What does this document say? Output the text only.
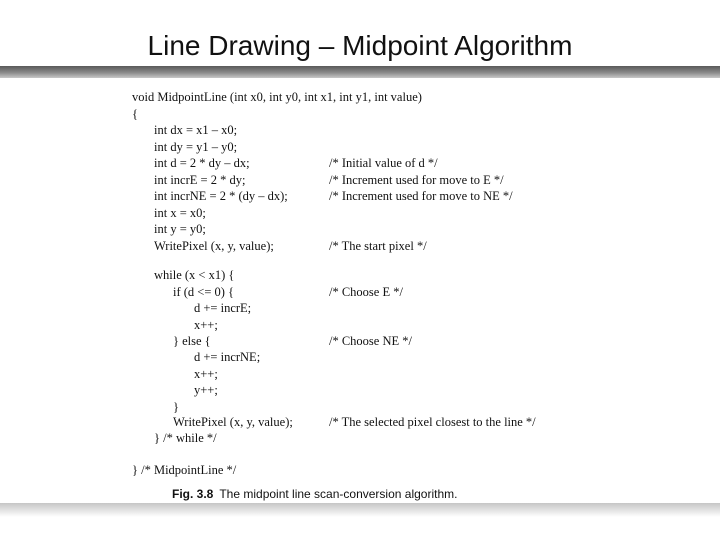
Line Drawing – Midpoint Algorithm
void MidpointLine (int x0, int y0, int x1, int y1, int value)
{
int dx = x1 – x0;
int dy = y1 – y0;
int d = 2 * dy – dx;	/* Initial value of d */
int incrE = 2 * dy;	/* Increment used for move to E */
int incrNE = 2 * (dy – dx);	/* Increment used for move to NE */
int x = x0;
int y = y0;
WritePixel (x, y, value);	/* The start pixel */
while (x < x1) {
if (d <= 0) {	/* Choose E */
d += incrE;
x++;
} else {	/* Choose NE */
d += incrNE;
x++;
y++;
}
WritePixel (x, y, value);	/* The selected pixel closest to the line */
} /* while */
} /* MidpointLine */
Fig. 3.8 The midpoint line scan-conversion algorithm.
